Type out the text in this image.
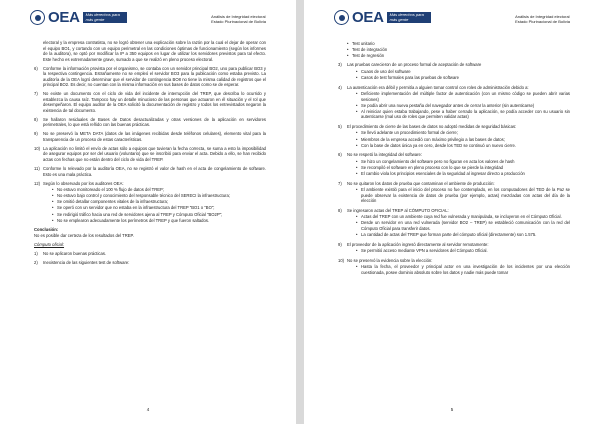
OEA	Más derechos para más gente	Análisis de Integridad electoral
Estado Plurinacional de Bolivia

electoral y la empresa contratista, no se logró obtener una explicación sobre la razón por la cual el dejar de operar con el equipo BO1, y cortando con un equipo perimetral en las condiciones óptimas de funcionamiento (según los informes de la auditora), se optó por modificar la IP a 350 equipos en lugar de utilizar los servidores previstos para tal efecto. Este hecho es extremadamente grave, sumado a que se realizó en pleno proceso electoral.

6)	Conforme la información provista por el organismo, se contaba con un servidor principal BO2, uno para publicar BO3 y la respectiva contingencia. Estrañamente no se empleó el servidor BO3 para la publicación como estaba previsto. La auditoría de la OEA logró determinar que el servidor de contingencia BO8 no tiene la misma calidad de registros que el principal BO2. Es decir, no cuentan con la misma información en sus bases de datos como se de esperar.
7)	No existe un documento con el ciclo de vida del incidente de interrupción del TREP, que describa lo ocurrido y establezca la causa raíz. Tampoco hay un detalle minucioso de las personas que actuaron en él situación y el rol que desempeñaron. El equipo auditor de la OEA solicitó la documentación de registro y todos los entrevistados negaron la existencia de tal documento.
8)	Se hallaron residuales de Bases de Datos desactualizadas y otras versiones de la aplicación en servidores perimetrales, lo que está reñido con las buenas prácticas.
9)	No se preservó la META DATA (datos de las imágenes recibidas desde teléfonos celulares), elemento vital para la transparencia de un proceso de estas características.
10) La aplicación no limitó el envío de actas sólo a equipos que tuvieran la fecha correcta, se suma a esto la imposibilidad de asegurar equipos por ser del usuario (voluntario) que se inscribió para enviar el acta. Debido a ello, se han recibido actas con fechas que no están dentro del ciclo de vida del TREP.
11) Conforme lo relevado por la auditoría OEA, no se registró el valor de hash en el acta de congelamiento de software. Esto es una mala práctica.
12) Según lo observado por los auditores OEA:
• No estuvo monitoreado el 100 % flujo de datos del TREP;
• No estuvo bajo control y conocimiento del responsable técnico del SERECI la infraestructura;
• Se omitió detallar componentes vitales de la infraestructura;
• Se operó con un servidor que no estaba en la infraestructura del TREP "BO1 o "BO";
• Se redirigió tráfico hacia una red de servidores ajena al TREP y Cómputo Oficial "BO2P";
• No se emplearon adecuadamente los perímetros del TREP y que fueron saltados.

Conclusión:

No es posible dar certeza de los resultados del TREP.

Cómputo oficial:

1)	No se aplicaron buenas prácticas.
2)	Inexistencia de las siguientes test de software:
4
OEA	Más derechos para más gente	Análisis de Integridad electoral
Estado Plurinacional de Bolivia
• Test unitario
• Test de integración
• Test de regresión
3)	Las pruebas carecieron de un proceso formal de aceptación de software
• Cuaos de uso del software
• Casos de test formales para las pruebas de software
4)	La autenticación era débil y permitía a alguien tomar control con roles de administración debido a:
• Deficiente implementación del múltiple factor de autenticación (con un mismo código se pueden abrir varias sesiones)
• Se podía abrir una nueva pestaña del navegador antes de cerrar la anterior (sin autenticarse)
• Al reiniciar quien estaba trabajando, pese a haber cerrado la aplicación, se podía acceder con su usuario sin autenticarse (mal uso de roles que permiten validar actas)
5)	El procedimiento de cierre de las bases de datos no adoptó medidas de seguridad básicas:
• Se llevó adelante un procedimiento formal de cierre;
• Miembros de la empresa accedió con máximo privilegio a las bases de datos;
• Con la base de datos única ya en cero, desde los TED se continuó un nuevo cierre.
6)	No se respetó la integridad del software:
• Se hizo un congelamiento del software pero no figuran en acta los valores de hash
• Se recompiló el software en pleno proceso con lo que se pierde la integridad
• El cambio viola los principios esenciales de la seguridad al ingresar directo a producción
7)	No se quitaron los datos de prueba que contaminan el ambiente de producción:
• El ambiente existió para el inicio del proceso no fue contemplado, en los computadores del TED de la Paz se puede observar la existencia de datos de prueba (por ejemplo, actas) mezcladas con actas del día de la elección
8)	Se ingresaron actas del TREP al CÓMPUTO OFICIAL:
• Actas del TREP con un ambiente cuya red fue vulnerada y manipulada, se incluyeron en el Cómputo Oficial.
• Desde un servidor en una red vulnerada (servidor BO2 – TREP) se estableció comunicación con la red del Cómputo Oficial para transferir datos.
• La cantidad de actas del TREP que forman parte del cómputo oficial (directamente) son 1.575.
9)	El proveedor de la aplicación ingresó directamente al servidor remotamente:
• Se permitió acceso mediante VPN a servidores del Cómputo Oficial.
10) No se preservó la evidencia sobre la elección:
• Hasta la fecha, el proveedor y principal actor en una investigación de los incidentes por una elección cuestionada, posee dominio absoluto sobre los datos y nadie más puede tomar
5
